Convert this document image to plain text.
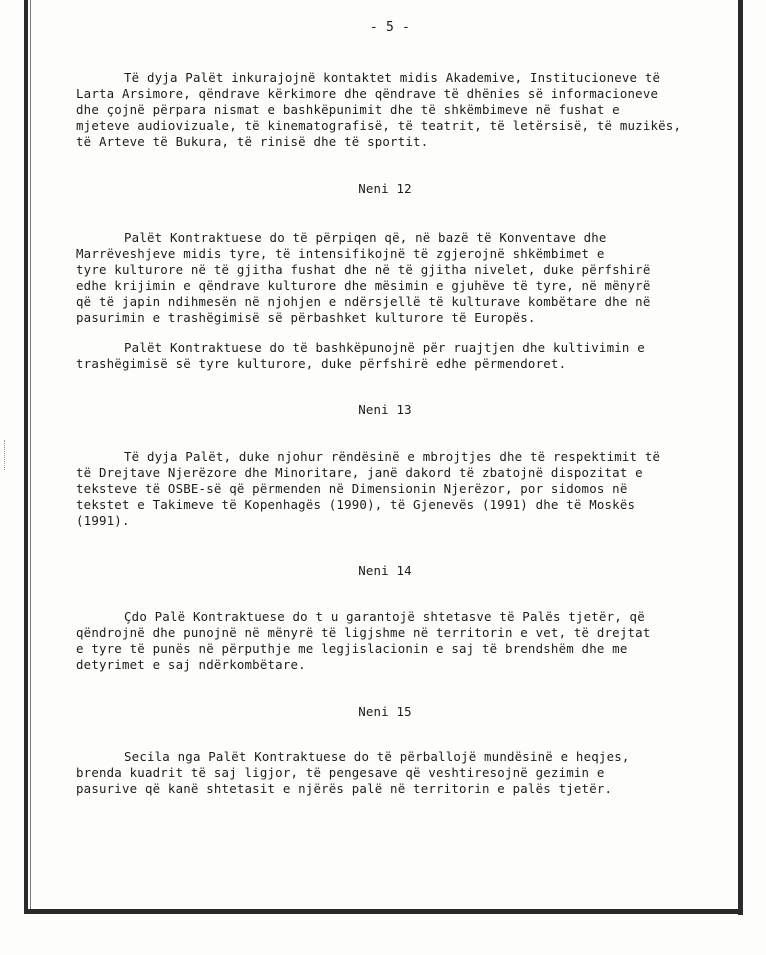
- 5 -
Të dyja Palët inkurajojnë kontaktet midis Akademive, Institucioneve të
Larta Arsimore, qëndrave kërkimore dhe qëndrave të dhënies së informacioneve
dhe çojnë përpara nismat e bashkëpunimit dhe të shkëmbimeve në fushat e
mjeteve audiovizuale, të kinematografisë, të teatrit, të letërsisë, të muzikës,
të Arteve të Bukura, të rinisë dhe të sportit.
Neni 12
Palët Kontraktuese do të përpiqen që, në bazë të Konventave dhe
Marrëveshjeve midis tyre, të intensifikojnë të zgjerojnë shkëmbimet e
tyre kulturore në të gjitha fushat dhe në të gjitha nivelet, duke përfshirë
edhe krijimin e qëndrave kulturore dhe mësimin e gjuhëve të tyre, në mënyrë
që të japin ndihmesën në njohjen e ndërsjellë të kulturave kombëtare dhe në
pasurimin e trashëgimisë së përbashket kulturore të Europës.
Palët Kontraktuese do të bashkëpunojnë për ruajtjen dhe kultivimin e
trashëgimisë së tyre kulturore, duke përfshirë edhe përmendoret.
Neni 13
Të dyja Palët, duke njohur rëndësinë e mbrojtjes dhe të respektimit të
të Drejtave Njerëzore dhe Minoritare, janë dakord të zbatojnë dispozitat e
teksteve të OSBE-së që përmenden në Dimensionin Njerëzor, por sidomos në
tekstet e Takimeve të Kopenhagës (1990), të Gjenevës (1991) dhe të Moskës
(1991).
Neni 14
Çdo Palë Kontraktuese do t u garantojë shtetasve të Palës tjetër, që
qëndrojnë dhe punojnë në mënyrë të ligjshme në territorin e vet, të drejtat
e tyre të punës në përputhje me legjislacionin e saj të brendshëm dhe me
detyrimet e saj ndërkombëtare.
Neni 15
Secila nga Palët Kontraktuese do të përballojë mundësinë e heqjes,
brenda kuadrit të saj ligjor, të pengesave që veshtiresojnë gezimin e
pasurive që kanë shtetasit e njërës palë në territorin e palës tjetër.
